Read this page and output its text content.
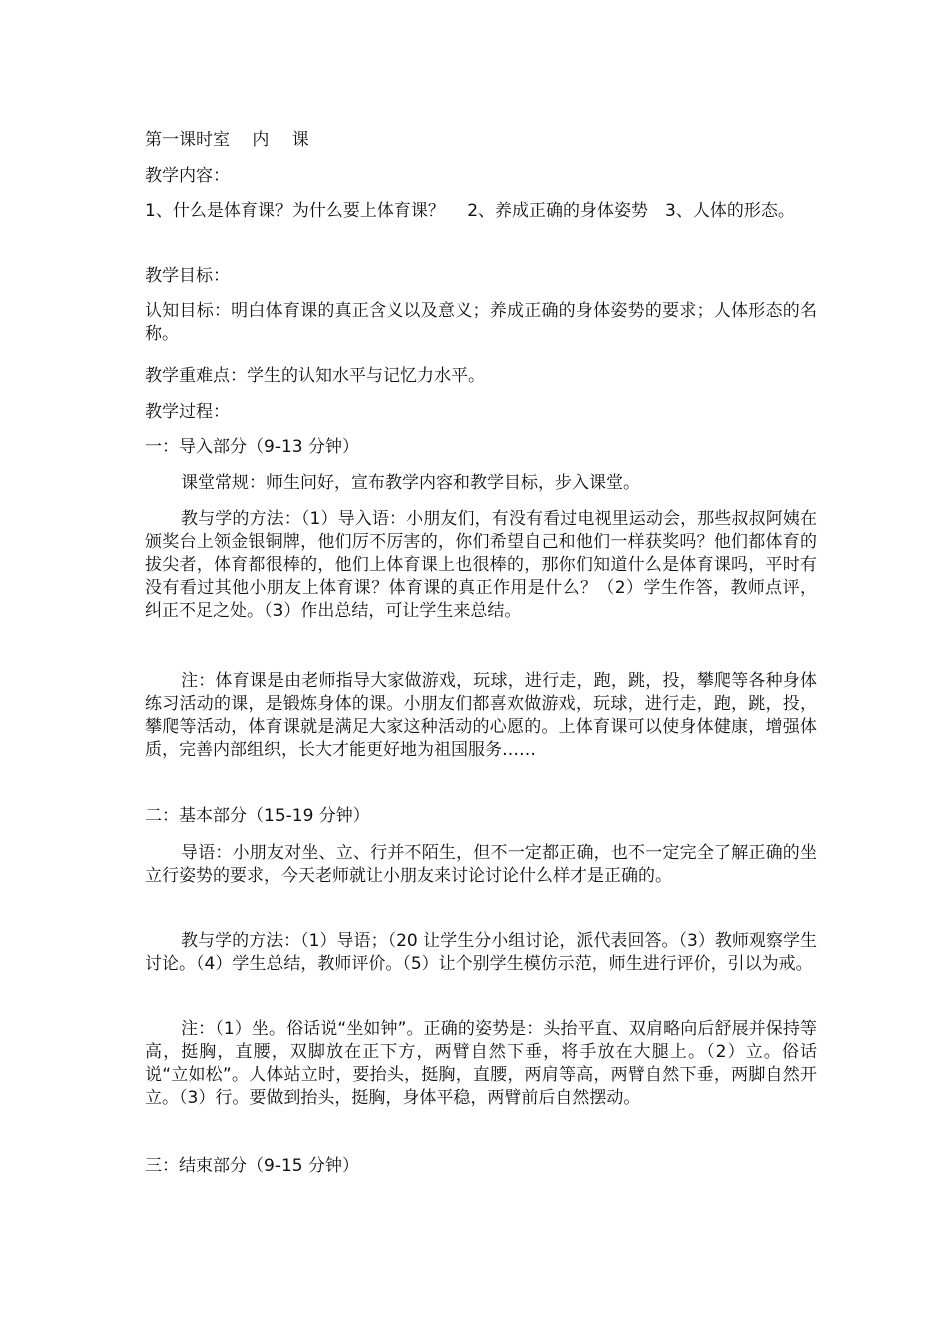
第一课时室　 内　 课
教学内容：
1、什么是体育课？为什么要上体育课？　 2、养成正确的身体姿势　3、人体的形态。
教学目标：
认知目标：明白体育课的真正含义以及意义；养成正确的身体姿势的要求；人体形态的名称。
教学重难点：学生的认知水平与记忆力水平。
教学过程：
一：导入部分（9-13 分钟）
课堂常规：师生问好，宣布教学内容和教学目标，步入课堂。
教与学的方法：（1）导入语：小朋友们，有没有看过电视里运动会，那些叔叔阿姨在颁奖台上领金银铜牌，他们厉不厉害的，你们希望自己和他们一样获奖吗？他们都体育的拔尖者，体育都很棒的，他们上体育课上也很棒的，那你们知道什么是体育课吗，平时有没有看过其他小朋友上体育课？体育课的真正作用是什么？（2）学生作答，教师点评，纠正不足之处。（3）作出总结，可让学生来总结。
注：体育课是由老师指导大家做游戏，玩球，进行走，跑，跳，投，攀爬等各种身体练习活动的课，是锻炼身体的课。小朋友们都喜欢做游戏，玩球，进行走，跑，跳，投，攀爬等活动，体育课就是满足大家这种活动的心愿的。上体育课可以使身体健康，增强体质，完善内部组织，长大才能更好地为祖国服务……
二：基本部分（15-19 分钟）
导语：小朋友对坐、立、行并不陌生，但不一定都正确，也不一定完全了解正确的坐立行姿势的要求，今天老师就让小朋友来讨论讨论什么样才是正确的。
教与学的方法：（1）导语；（20 让学生分小组讨论，派代表回答。（3）教师观察学生讨论。（4）学生总结，教师评价。（5）让个别学生模仿示范，师生进行评价，引以为戒。
注：（1）坐。俗话说“坐如钟”。正确的姿势是：头抬平直、双肩略向后舒展并保持等高，挺胸，直腰，双脚放在正下方，两臂自然下垂，将手放在大腿上。（2）立。俗话说“立如松”。人体站立时，要抬头，挺胸，直腰，两肩等高，两臂自然下垂，两脚自然开立。（3）行。要做到抬头，挺胸，身体平稳，两臂前后自然摆动。
三：结束部分（9-15 分钟）
